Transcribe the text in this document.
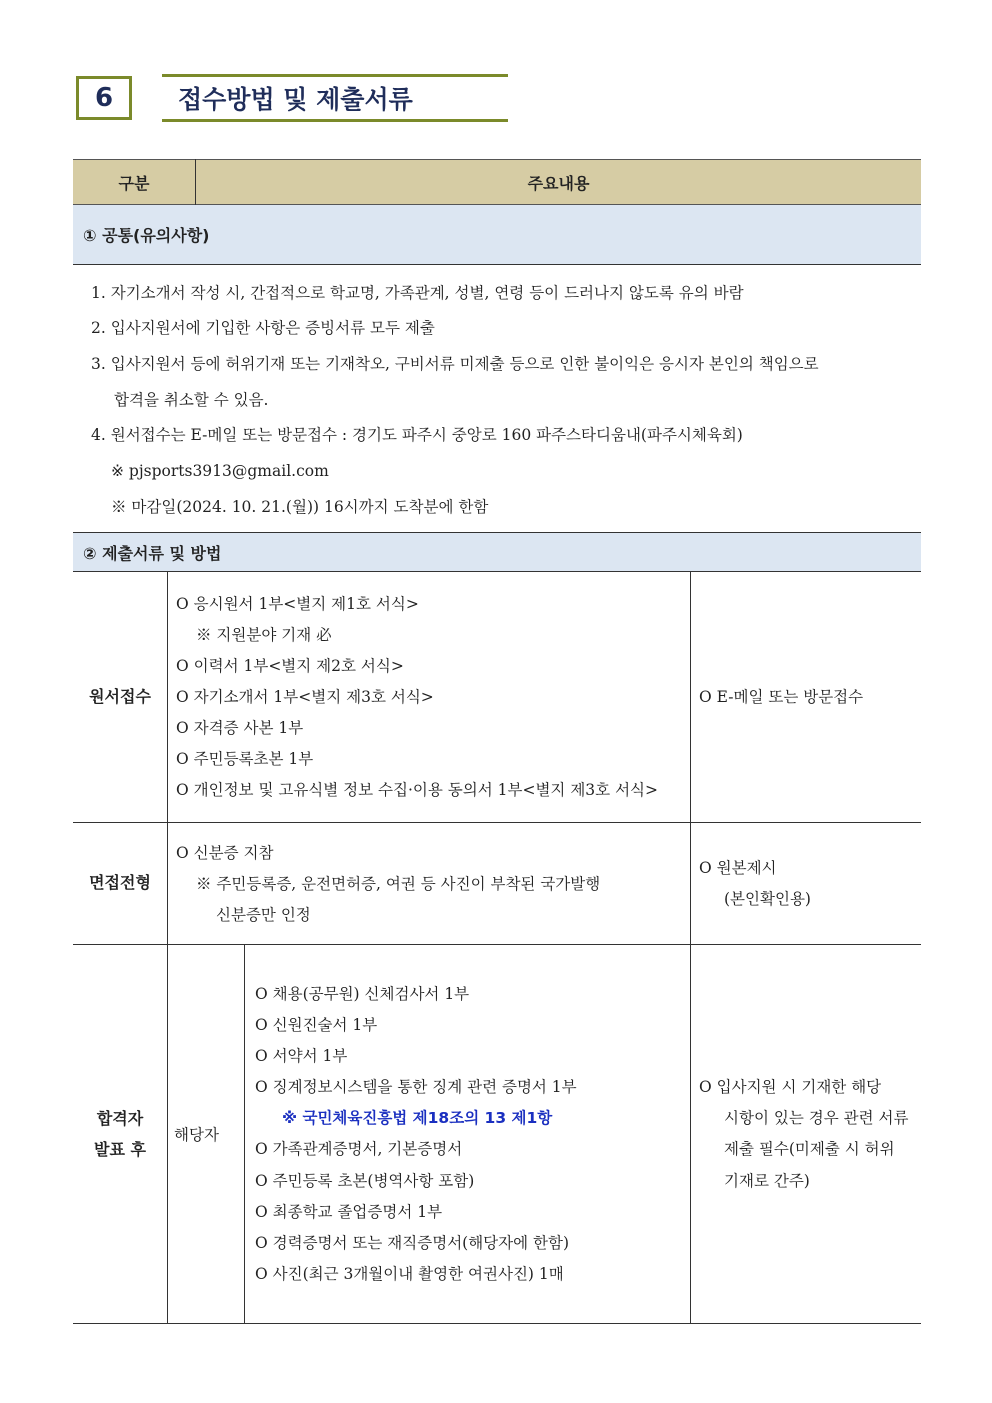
6	접수방법 및 제출서류
구분	주요내용
① 공통(유의사항)
1. 자기소개서 작성 시, 간접적으로 학교명, 가족관계, 성별, 연령 등이 드러나지 않도록 유의 바람
2. 입사지원서에 기입한 사항은 증빙서류 모두 제출
3. 입사지원서 등에 허위기재 또는 기재착오, 구비서류 미제출 등으로 인한 불이익은 응시자 본인의 책임으로
합격을 취소할 수 있음.
4. 원서접수는 E-메일 또는 방문접수 : 경기도 파주시 중앙로 160 파주스타디움내(파주시체육회)
※ pjsports3913@gmail.com
※ 마감일(2024. 10. 21.(월)) 16시까지 도착분에 한함
② 제출서류 및 방법
원서접수
O 응시원서 1부<별지 제1호 서식>
※ 지원분야 기재 必
O 이력서 1부<별지 제2호 서식>
O 자기소개서 1부<별지 제3호 서식>
O 자격증 사본 1부
O 주민등록초본 1부
O 개인정보 및 고유식별 정보 수집·이용 동의서 1부<별지 제3호 서식>
O E-메일 또는 방문접수
면접전형
O 신분증 지참
※ 주민등록증, 운전면허증, 여권 등 사진이 부착된 국가발행
신분증만 인정
O 원본제시
(본인확인용)
합격자
발표 후
해당자
O 채용(공무원) 신체검사서 1부
O 신원진술서 1부
O 서약서 1부
O 징계정보시스템을 통한 징계 관련 증명서 1부
※ 국민체육진흥법 제18조의 13 제1항
O 가족관계증명서, 기본증명서
O 주민등록 초본(병역사항 포함)
O 최종학교 졸업증명서 1부
O 경력증명서 또는 재직증명서(해당자에 한함)
O 사진(최근 3개월이내 촬영한 여권사진) 1매
O 입사지원 시 기재한 해당
시항이 있는 경우 관련 서류
제출 필수(미제출 시 허위
기재로 간주)
